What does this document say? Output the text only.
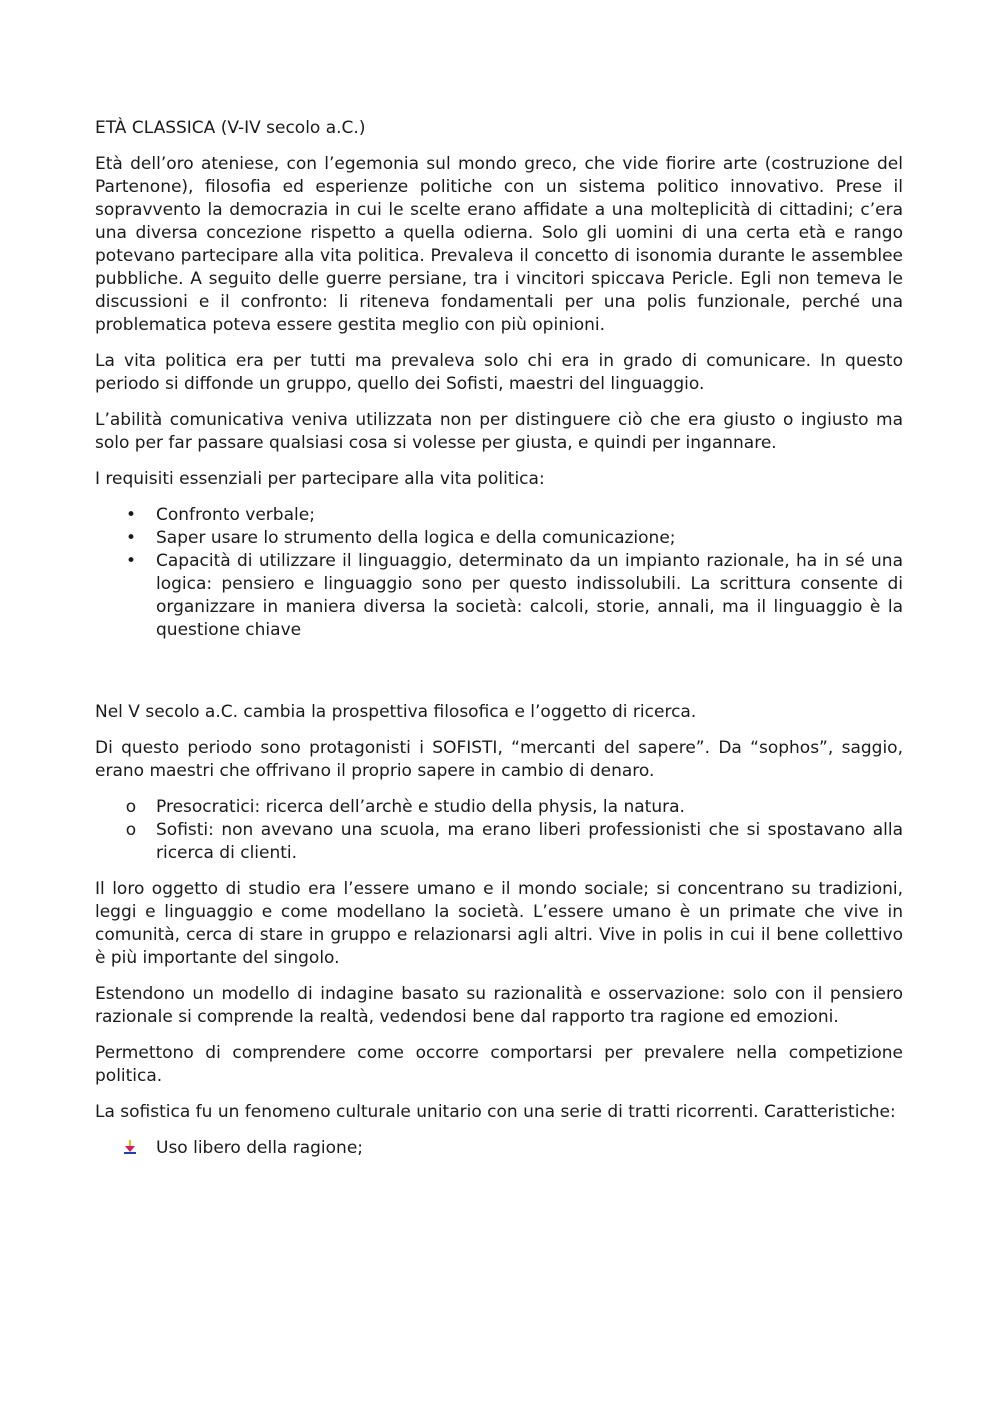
ETÀ CLASSICA (V-IV secolo a.C.)

Età dell’oro ateniese, con l’egemonia sul mondo greco, che vide fiorire arte (costruzione del Partenone), filosofia ed esperienze politiche con un sistema politico innovativo. Prese il sopravvento la democrazia in cui le scelte erano affidate a una molteplicità di cittadini; c’era una diversa concezione rispetto a quella odierna. Solo gli uomini di una certa età e rango potevano partecipare alla vita politica. Prevaleva il concetto di isonomia durante le assemblee pubbliche. A seguito delle guerre persiane, tra i vincitori spiccava Pericle. Egli non temeva le discussioni e il confronto: li riteneva fondamentali per una polis funzionale, perché una problematica poteva essere gestita meglio con più opinioni.

La vita politica era per tutti ma prevaleva solo chi era in grado di comunicare. In questo periodo si diffonde un gruppo, quello dei Sofisti, maestri del linguaggio.

L’abilità comunicativa veniva utilizzata non per distinguere ciò che era giusto o ingiusto ma solo per far passare qualsiasi cosa si volesse per giusta, e quindi per ingannare.

I requisiti essenziali per partecipare alla vita politica:

• Confronto verbale;
• Saper usare lo strumento della logica e della comunicazione;
• Capacità di utilizzare il linguaggio, determinato da un impianto razionale, ha in sé una logica: pensiero e linguaggio sono per questo indissolubili. La scrittura consente di organizzare in maniera diversa la società: calcoli, storie, annali, ma il linguaggio è la questione chiave

Nel V secolo a.C. cambia la prospettiva filosofica e l’oggetto di ricerca.

Di questo periodo sono protagonisti i SOFISTI, “mercanti del sapere”. Da “sophos”, saggio, erano maestri che offrivano il proprio sapere in cambio di denaro.

o Presocratici: ricerca dell’archè e studio della physis, la natura.
o Sofisti: non avevano una scuola, ma erano liberi professionisti che si spostavano alla ricerca di clienti.

Il loro oggetto di studio era l’essere umano e il mondo sociale; si concentrano su tradizioni, leggi e linguaggio e come modellano la società. L’essere umano è un primate che vive in comunità, cerca di stare in gruppo e relazionarsi agli altri. Vive in polis in cui il bene collettivo è più importante del singolo.

Estendono un modello di indagine basato su razionalità e osservazione: solo con il pensiero razionale si comprende la realtà, vedendosi bene dal rapporto tra ragione ed emozioni.

Permettono di comprendere come occorre comportarsi per prevalere nella competizione politica.

La sofistica fu un fenomeno culturale unitario con una serie di tratti ricorrenti. Caratteristiche:

Uso libero della ragione;
